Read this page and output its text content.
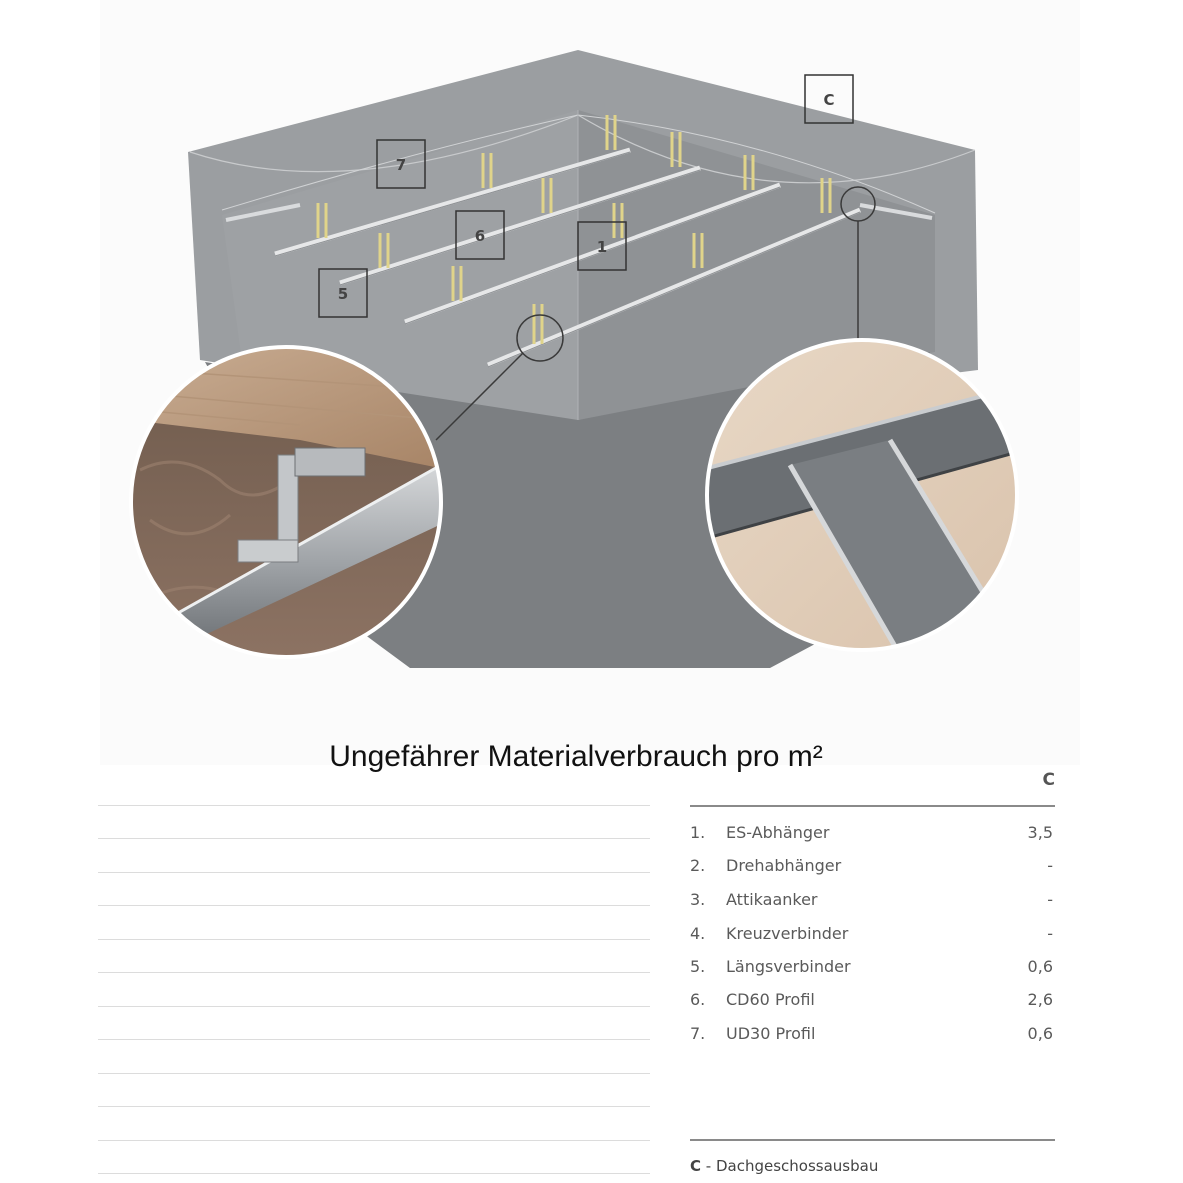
7
6
1
5
C
Ungefährer Materialverbrauch pro m²
C
1. ES-Abhänger	3,5
2. Drehabhänger	-
3. Attikaanker	-
4. Kreuzverbinder	-
5. Längsverbinder	0,6
6. CD60 Profil	2,6
7. UD30 Profil	0,6
C - Dachgeschossausbau
